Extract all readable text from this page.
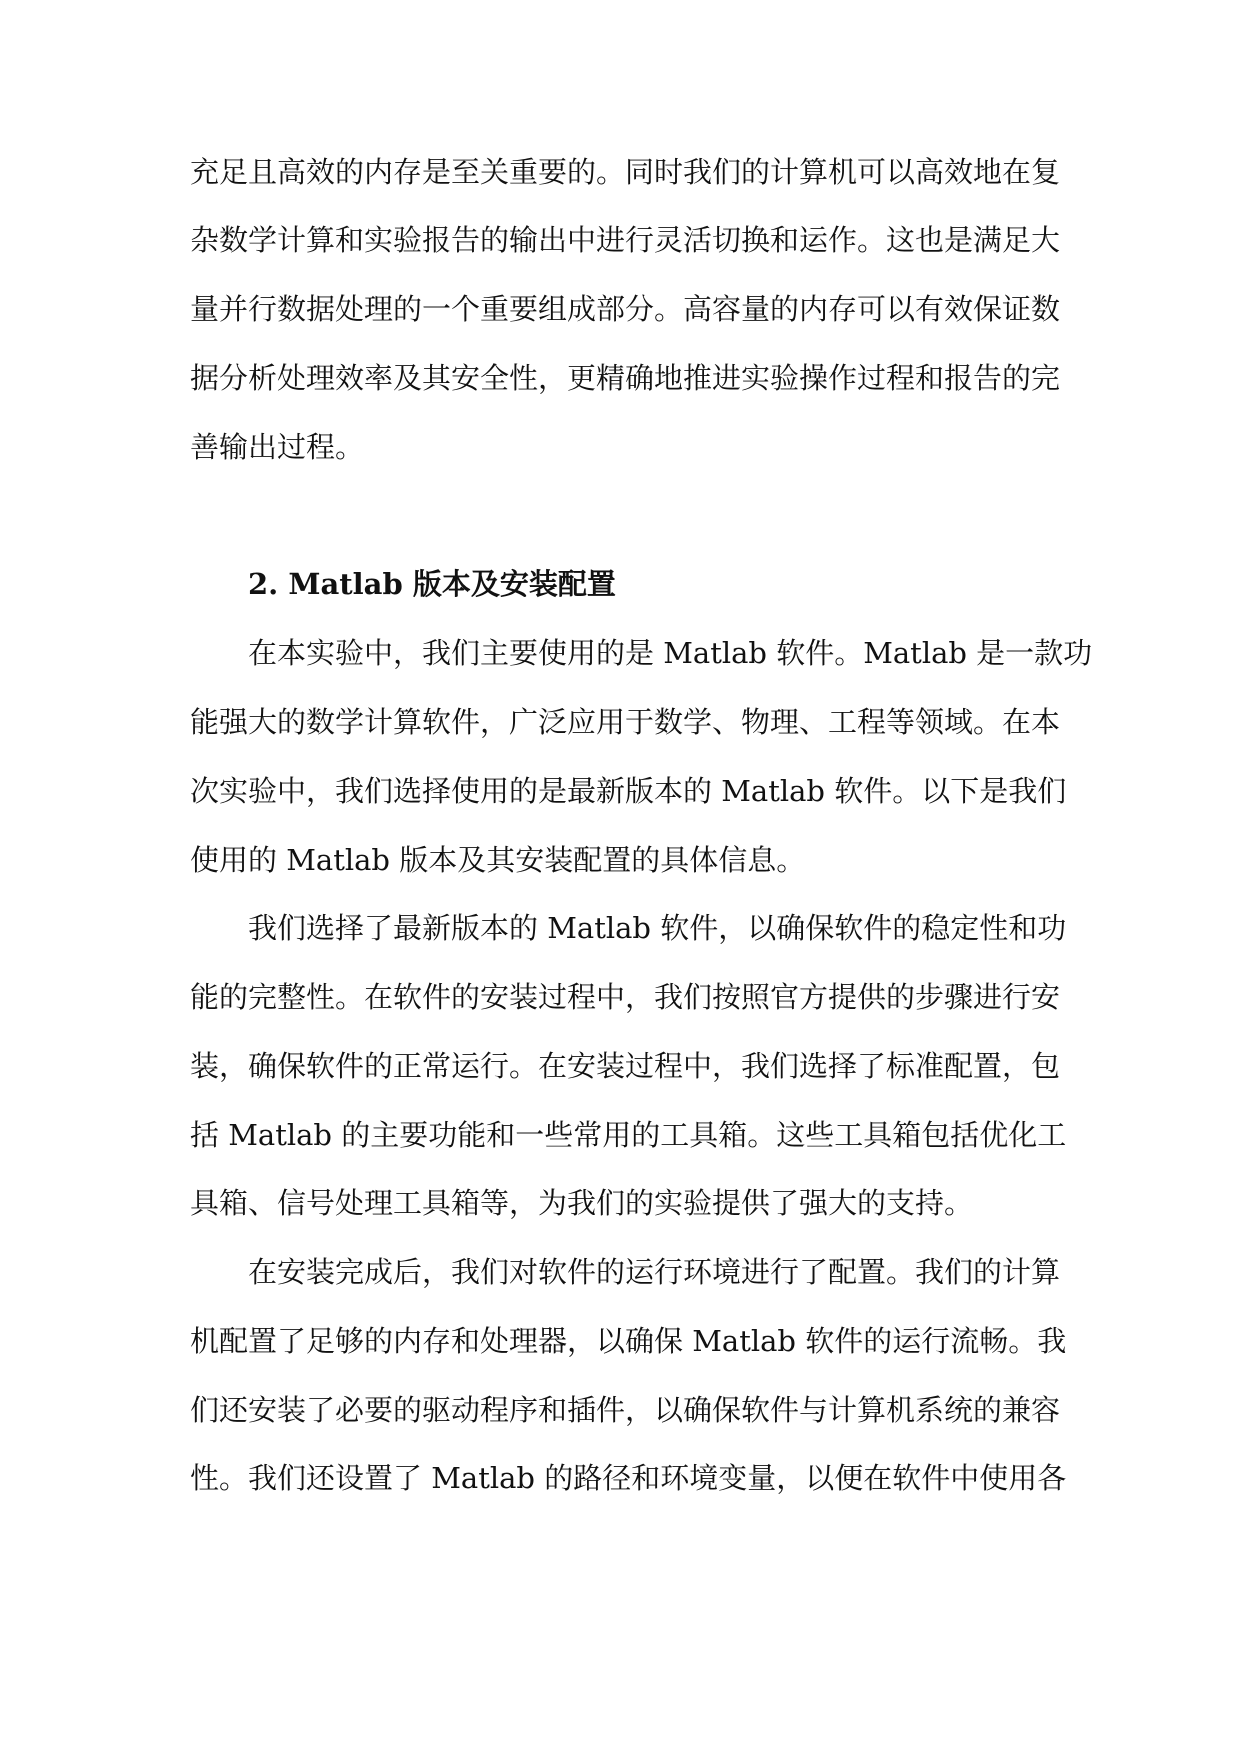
充足且高效的内存是至关重要的。同时我们的计算机可以高效地在复
杂数学计算和实验报告的输出中进行灵活切换和运作。这也是满足大
量并行数据处理的一个重要组成部分。高容量的内存可以有效保证数
据分析处理效率及其安全性，更精确地推进实验操作过程和报告的完
善输出过程。
2. Matlab 版本及安装配置
在本实验中，我们主要使用的是 Matlab 软件。Matlab 是一款功
能强大的数学计算软件，广泛应用于数学、物理、工程等领域。在本
次实验中，我们选择使用的是最新版本的 Matlab 软件。以下是我们
使用的 Matlab 版本及其安装配置的具体信息。
我们选择了最新版本的 Matlab 软件，以确保软件的稳定性和功
能的完整性。在软件的安装过程中，我们按照官方提供的步骤进行安
装，确保软件的正常运行。在安装过程中，我们选择了标准配置，包
括 Matlab 的主要功能和一些常用的工具箱。这些工具箱包括优化工
具箱、信号处理工具箱等，为我们的实验提供了强大的支持。
在安装完成后，我们对软件的运行环境进行了配置。我们的计算
机配置了足够的内存和处理器，以确保 Matlab 软件的运行流畅。我
们还安装了必要的驱动程序和插件，以确保软件与计算机系统的兼容
性。我们还设置了 Matlab 的路径和环境变量，以便在软件中使用各
